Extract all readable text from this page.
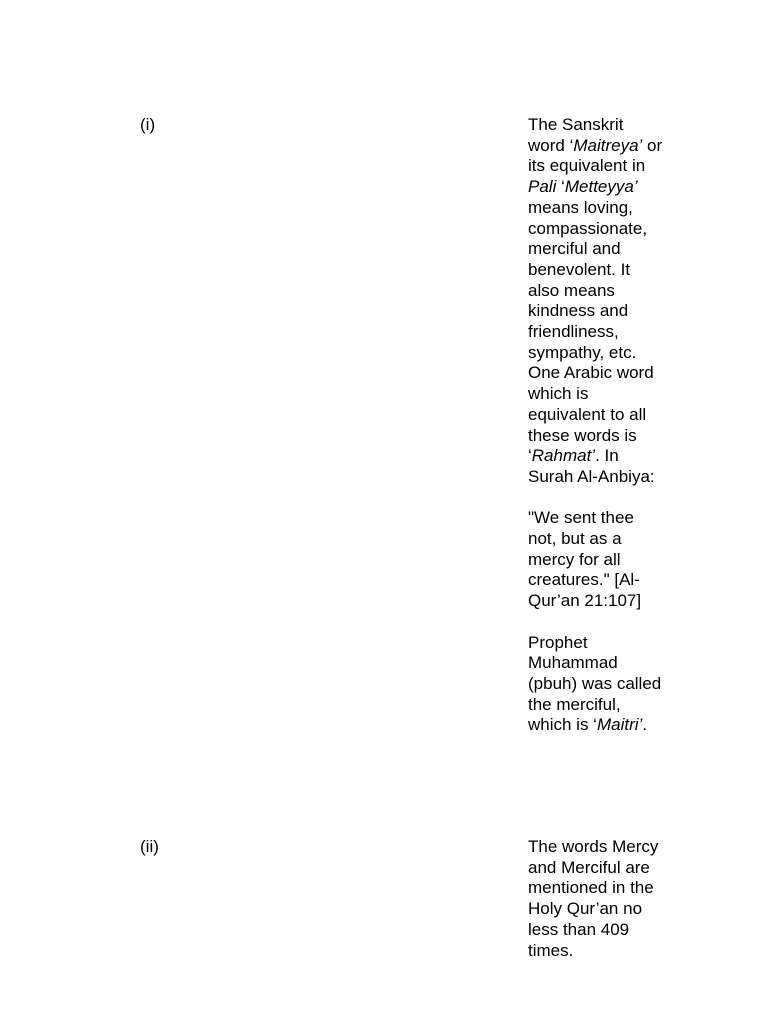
(i)	The Sanskrit word ‘Maitreya’ or its equivalent in Pali ‘Metteyya’ means loving, compassionate, merciful and benevolent. It also means kindness and friendliness, sympathy, etc. One Arabic word which is equivalent to all these words is ‘Rahmat’. In Surah Al-Anbiya:

"We sent thee not, but as a mercy for all creatures." [Al-Qur’an 21:107]

Prophet Muhammad (pbuh) was called the merciful, which is ‘Maitri’.

(ii)	The words Mercy and Merciful are mentioned in the Holy Qur’an no less than 409 times.
